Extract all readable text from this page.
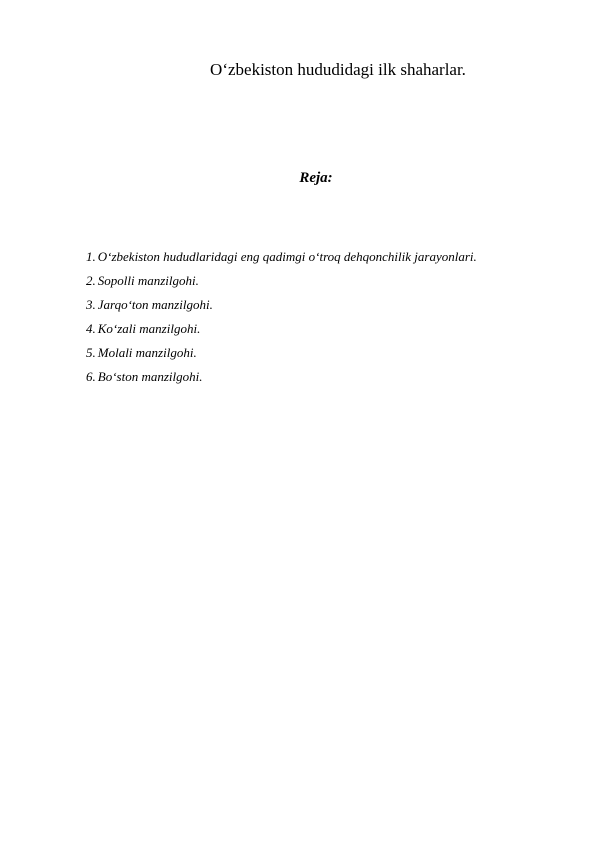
O‘zbekiston hududidagi ilk shaharlar.
Reja:
1. O‘zbekiston hududlaridagi eng qadimgi o‘troq dehqonchilik jarayonlari.
2. Sopolli manzilgohi.
3. Jarqo‘ton manzilgohi.
4. Ko‘zali manzilgohi.
5. Molali manzilgohi.
6. Bo‘ston manzilgohi.
